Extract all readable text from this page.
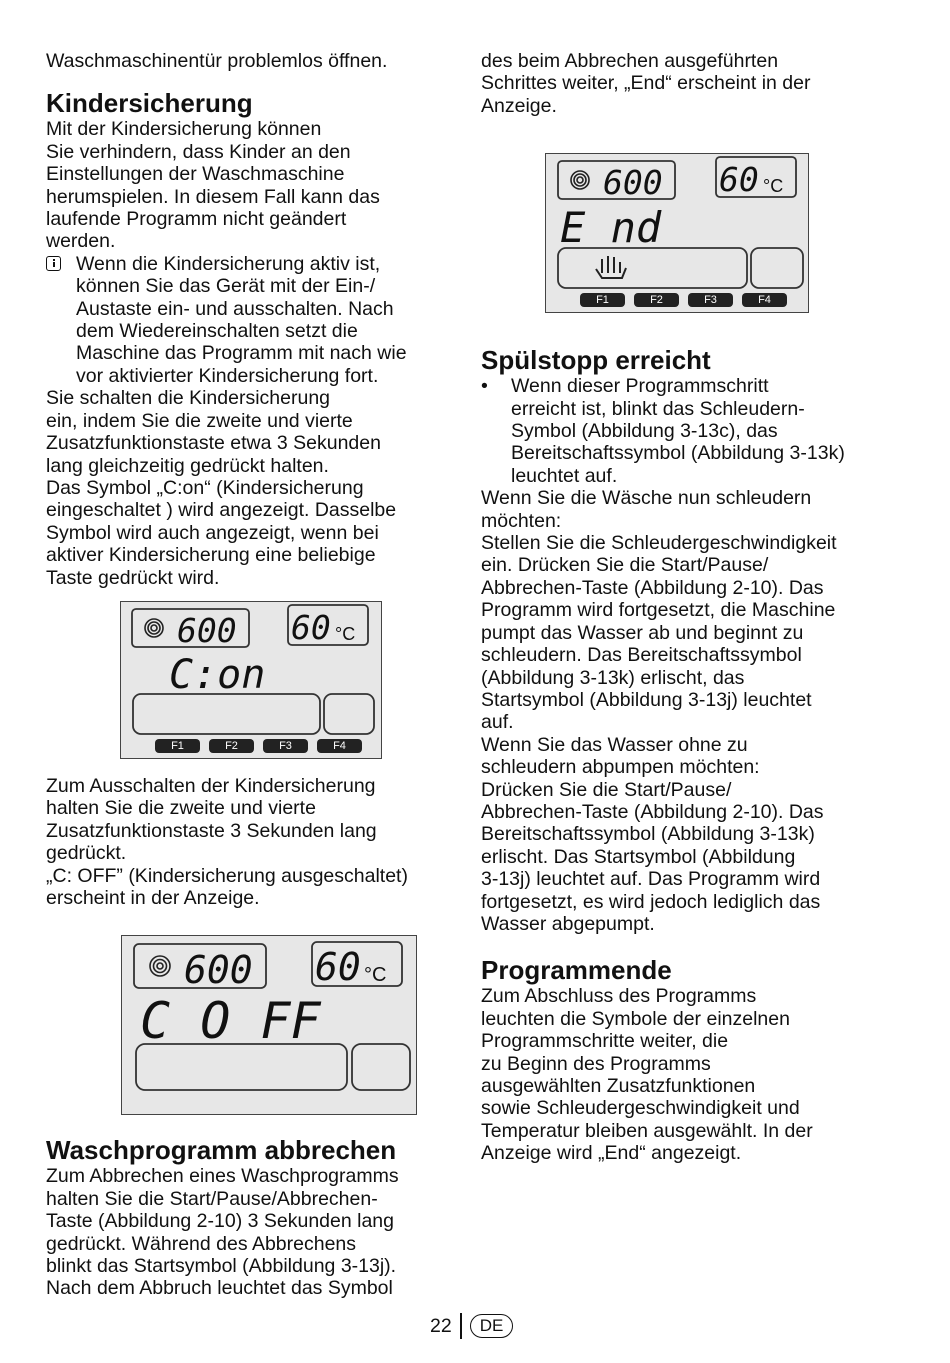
Waschmaschinentür problemlos öffnen.

Kindersicherung

Mit der Kindersicherung können
Sie verhindern, dass Kinder an den
Einstellungen der Waschmaschine
herumspielen. In diesem Fall kann das
laufende Programm nicht geändert
werden.

Wenn die Kindersicherung aktiv ist,
können Sie das Gerät mit der Ein-/
Austaste ein- und ausschalten. Nach
dem Wiedereinschalten setzt die
Maschine das Programm mit nach wie
vor aktivierter Kindersicherung fort.

Sie schalten die Kindersicherung
ein, indem Sie die zweite und vierte
Zusatzfunktionstaste etwa 3 Sekunden
lang gleichzeitig gedrückt halten.
Das Symbol „C:on“ (Kindersicherung
eingeschaltet ) wird angezeigt. Dasselbe
Symbol wird auch angezeigt, wenn bei
aktiver Kindersicherung eine beliebige
Taste gedrückt wird.

600 60 °C
C:on
F1	F2	F3	F4

Zum Ausschalten der Kindersicherung
halten Sie die zweite und vierte
Zusatzfunktionstaste 3 Sekunden lang
gedrückt.
„C: OFF” (Kindersicherung ausgeschaltet)
erscheint in der Anzeige.

600 60 °C
C O FF
Waschprogramm abbrechen

Zum Abbrechen eines Waschprogramms
halten Sie die Start/Pause/Abbrechen-
Taste (Abbildung 2-10) 3 Sekunden lang
gedrückt. Während des Abbrechens
blinkt das Startsymbol (Abbildung 3-13j).
Nach dem Abbruch leuchtet das Symbol

des beim Abbrechen ausgeführten
Schrittes weiter, „End“ erscheint in der
Anzeige.

600 60 °C
E nd
F1	F2	F3	F4
Spülstopp erreicht
• Wenn dieser Programmschritt
erreicht ist, blinkt das Schleudern-
Symbol (Abbildung 3-13c), das
Bereitschaftssymbol (Abbildung 3-13k)
leuchtet auf.

Wenn Sie die Wäsche nun schleudern
möchten:
Stellen Sie die Schleudergeschwindigkeit
ein. Drücken Sie die Start/Pause/
Abbrechen-Taste (Abbildung 2-10). Das
Programm wird fortgesetzt, die Maschine
pumpt das Wasser ab und beginnt zu
schleudern. Das Bereitschaftssymbol
(Abbildung 3-13k) erlischt, das
Startsymbol (Abbildung 3-13j) leuchtet
auf.

Wenn Sie das Wasser ohne zu
schleudern abpumpen möchten:
Drücken Sie die Start/Pause/
Abbrechen-Taste (Abbildung 2-10). Das
Bereitschaftssymbol (Abbildung 3-13k)
erlischt. Das Startsymbol (Abbildung
3-13j) leuchtet auf. Das Programm wird
fortgesetzt, es wird jedoch lediglich das
Wasser abgepumpt.

Programmende

Zum Abschluss des Programms
leuchten die Symbole der einzelnen
Programmschritte weiter, die
zu Beginn des Programms
ausgewählten Zusatzfunktionen
sowie Schleudergeschwindigkeit und
Temperatur bleiben ausgewählt. In der
Anzeige wird „End“ angezeigt.

22	DE
